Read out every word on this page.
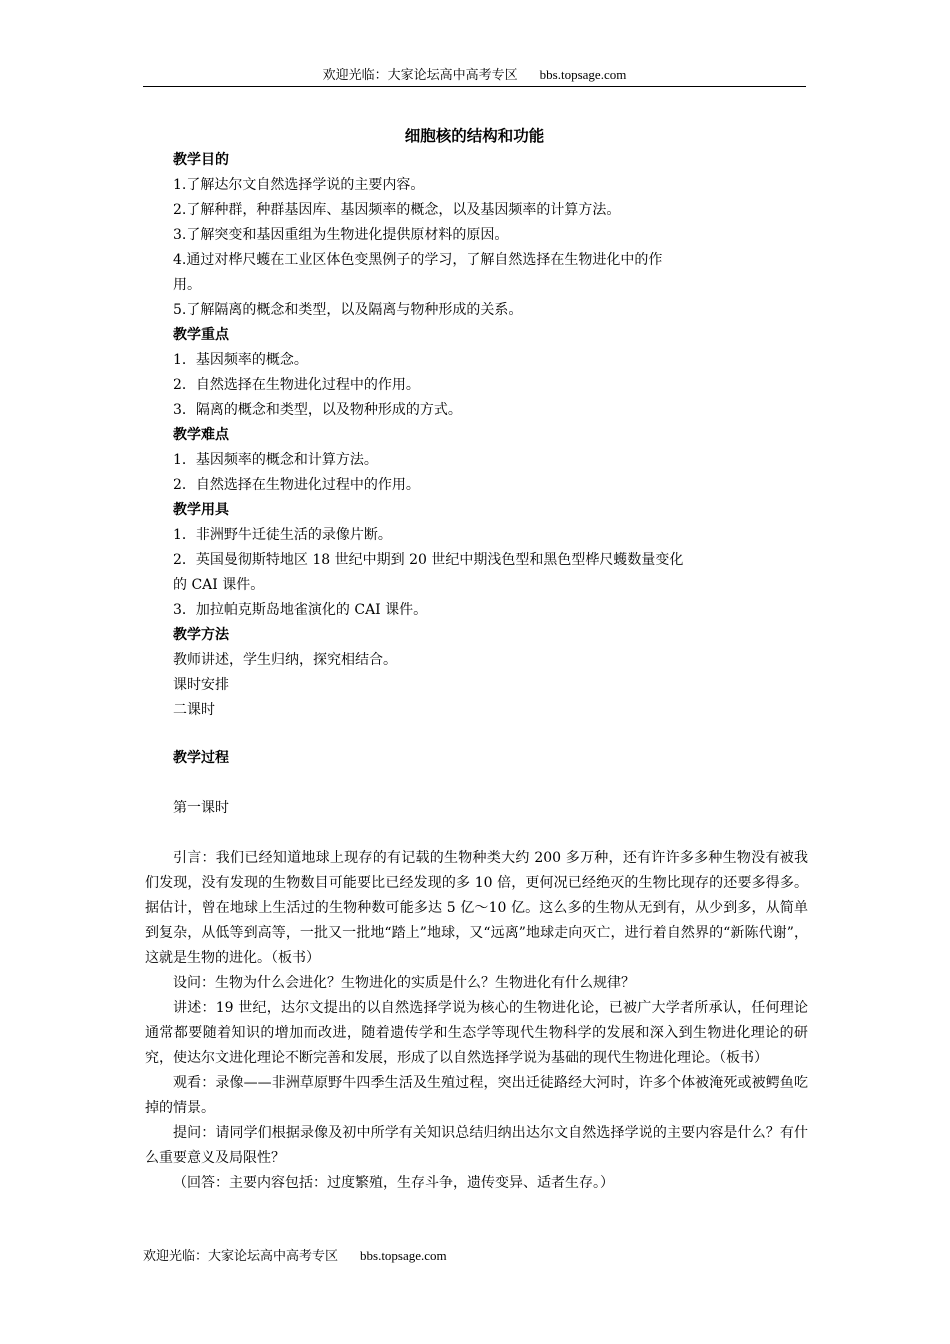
欢迎光临：大家论坛高中高考专区 bbs.topsage.com
细胞核的结构和功能
教学目的
1.了解达尔文自然选择学说的主要内容。
2.了解种群，种群基因库、基因频率的概念，以及基因频率的计算方法。
3.了解突变和基因重组为生物进化提供原材料的原因。
4.通过对桦尺蠖在工业区体色变黑例子的学习，了解自然选择在生物进化中的作
用。
5.了解隔离的概念和类型，以及隔离与物种形成的关系。
教学重点
1．基因频率的概念。
2．自然选择在生物进化过程中的作用。
3．隔离的概念和类型，以及物种形成的方式。
教学难点
1．基因频率的概念和计算方法。
2．自然选择在生物进化过程中的作用。
教学用具
1．非洲野牛迁徒生活的录像片断。
2．英国曼彻斯特地区 18 世纪中期到 20 世纪中期浅色型和黑色型桦尺蠖数量变化
的 CAI 课件。
3．加拉帕克斯岛地雀演化的 CAI 课件。
教学方法
教师讲述，学生归纳，探究相结合。
课时安排
二课时
教学过程
第一课时

引言：我们已经知道地球上现存的有记载的生物种类大约 200 多万种，还有许许多多种生物没有被我们发现，没有发现的生物数目可能要比已经发现的多 10 倍，更何况已经绝灭的生物比现存的还要多得多。据估计，曾在地球上生活过的生物种数可能多达 5 亿～10 亿。这么多的生物从无到有，从少到多，从简单到复杂，从低等到高等，一批又一批地“踏上”地球，又“远离”地球走向灭亡，进行着自然界的“新陈代谢”，这就是生物的进化。（板书）

设问：生物为什么会进化？生物进化的实质是什么？生物进化有什么规律？

讲述：19 世纪，达尔文提出的以自然选择学说为核心的生物进化论，已被广大学者所承认，任何理论通常都要随着知识的增加而改进，随着遗传学和生态学等现代生物科学的发展和深入到生物进化理论的研究，使达尔文进化理论不断完善和发展，形成了以自然选择学说为基础的现代生物进化理论。（板书）

观看：录像——非洲草原野牛四季生活及生殖过程，突出迁徒路经大河时，许多个体被淹死或被鳄鱼吃掉的情景。

提问：请同学们根据录像及初中所学有关知识总结归纳出达尔文自然选择学说的主要内容是什么？有什么重要意义及局限性？

（回答：主要内容包括：过度繁殖，生存斗争，遗传变异、适者生存。）

欢迎光临：大家论坛高中高考专区 bbs.topsage.com
